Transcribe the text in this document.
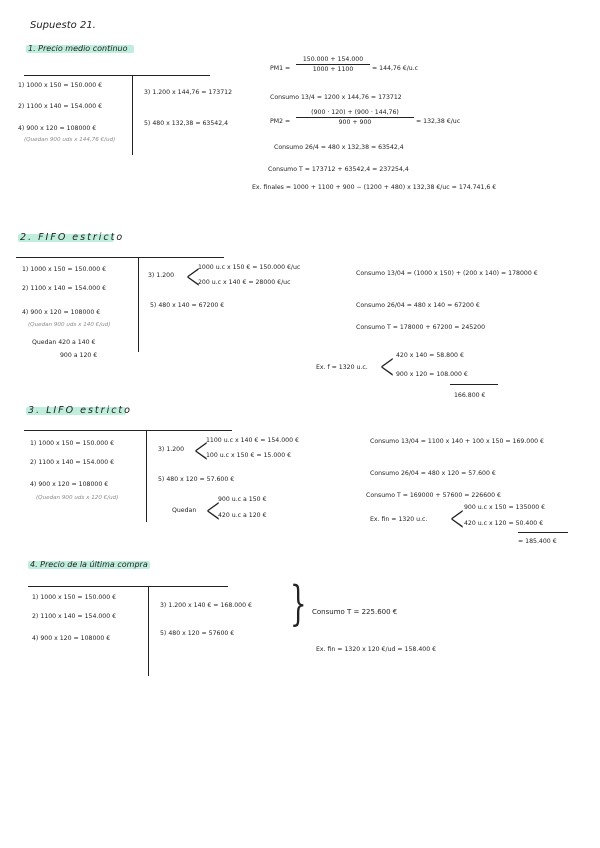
Supuesto 21.
1. Precio medio continuo
1) 1000 x 150 = 150.000 €
2) 1100 x 140 = 154.000 €
4) 900 x 120 = 108000 €
(Quedan 900 uds x 144,76 €/ud)
3) 1.200 x 144,76 = 173712
5) 480 x 132,38 = 63542,4
PM1 =
150.000 + 154.000
1000 + 1100	= 144,76 €/u.c
Consumo 13/4 = 1200 x 144,76 = 173712
PM2 =
(900 · 120) + (900 · 144,76)
900 + 900	= 132,38 €/uc
Consumo 26/4 = 480 x 132,38 = 63542,4
Consumo T = 173712 + 63542,4 = 237254,4
Ex. finales = 1000 + 1100 + 900 − (1200 + 480) x 132,38 €/uc = 174.741,6 €
2. FIFO estricto
1) 1000 x 150 = 150.000 €
2) 1100 x 140 = 154.000 €
4) 900 x 120 = 108000 €
(Quedan 900 uds x 140 €/ud)
Quedan 420 a 140 €
900 a 120 €
3) 1.200 <
1000 u.c x 150 € = 150.000 €/uc
200 u.c x 140 € = 28000 €/uc
5) 480 x 140 = 67200 €
Consumo 13/04 = (1000 x 150) + (200 x 140) = 178000 €
Consumo 26/04 = 480 x 140 = 67200 €
Consumo T = 178000 + 67200 = 245200
Ex. f = 1320 u.c. < 420 x 140 = 58.800 €
900 x 120 = 108.000 €
166.800 €
3. LIFO estricto
1) 1000 x 150 = 150.000 €
2) 1100 x 140 = 154.000 €
4) 900 x 120 = 108000 €
(Quedan 900 uds x 120 €/ud)
3) 1.200 <
1100 u.c x 140 € = 154.000 €
100 u.c x 150 € = 15.000 €
5) 480 x 120 = 57.600 €
Quedan <
900 u.c a 150 €
420 u.c a 120 €
Consumo 13/04 = 1100 x 140 + 100 x 150 = 169.000 €
Consumo 26/04 = 480 x 120 = 57.600 €
Consumo T = 169000 + 57600 = 226600 €
Ex. fin = 1320 u.c. < 900 u.c x 150 = 135000 €
420 u.c x 120 = 50.400 €
= 185.400 €
4. Precio de la última compra
1) 1000 x 150 = 150.000 €
2) 1100 x 140 = 154.000 €
4) 900 x 120 = 108000 €
3) 1.200 x 140 € = 168.000 €
5) 480 x 120 = 57600 €
} Consumo T = 225.600 €
Ex. fin = 1320 x 120 €/ud = 158.400 €
